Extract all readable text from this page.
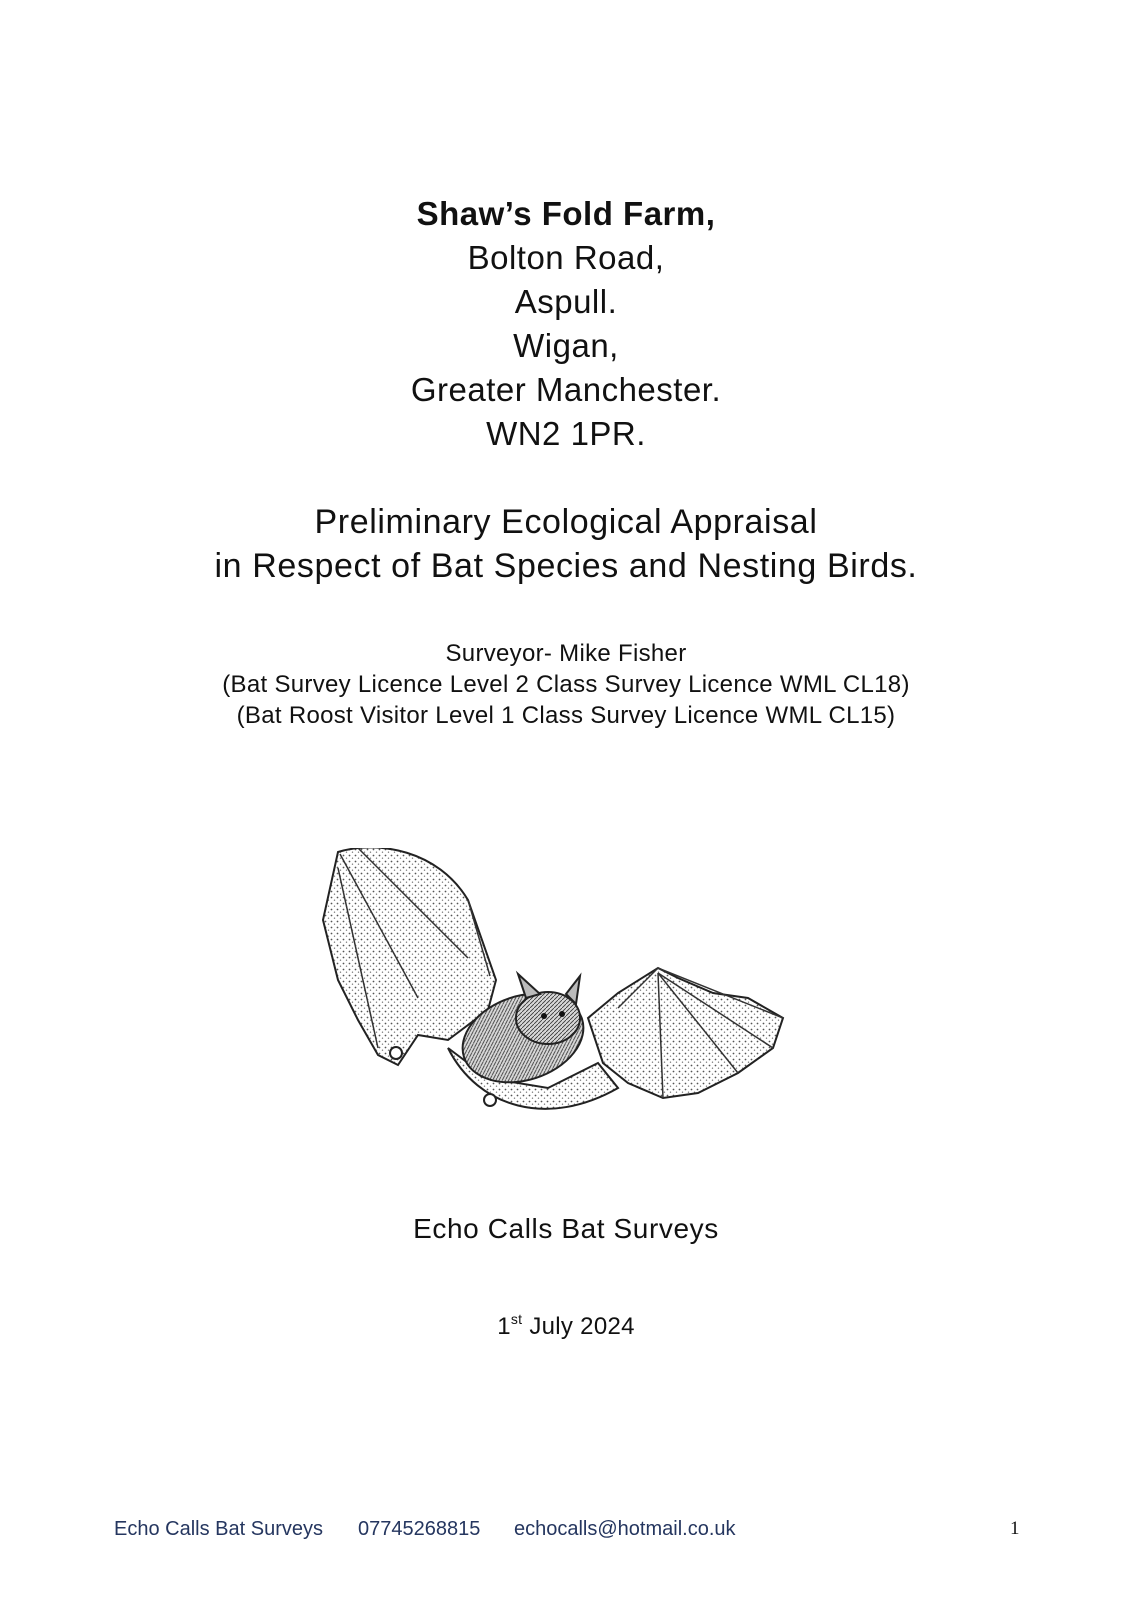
Shaw’s Fold Farm,
Bolton Road,
Aspull.
Wigan,
Greater Manchester.
WN2 1PR.
Preliminary Ecological Appraisal
in Respect of Bat Species and Nesting Birds.
Surveyor- Mike Fisher
(Bat Survey Licence Level 2 Class Survey Licence WML CL18)
(Bat Roost Visitor Level 1 Class Survey Licence WML CL15)
Echo Calls Bat Surveys
1st July 2024
Echo Calls Bat Surveys 07745268815 echocalls@hotmail.co.uk	1
